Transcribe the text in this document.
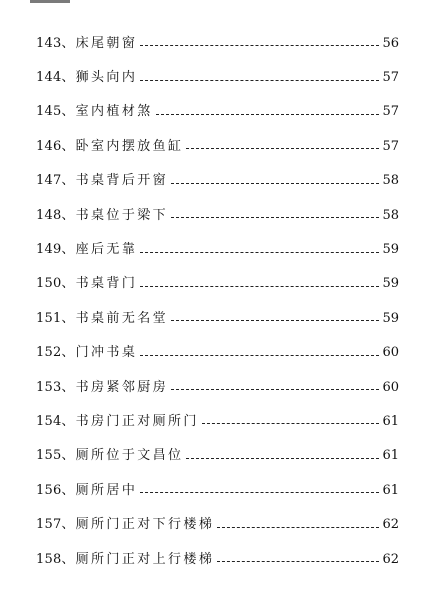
143、 床尾朝窗	56
144、 狮头向内	57
145、 室内植材煞	57
146、 卧室内摆放鱼缸	57
147、 书桌背后开窗	58
148、 书桌位于梁下	58
149、 座后无靠	59
150、 书桌背门	59
151、 书桌前无名堂	59
152、 门冲书桌	60
153、 书房紧邻厨房	60
154、 书房门正对厕所门	61
155、 厕所位于文昌位	61
156、 厕所居中	61
157、 厕所门正对下行楼梯	62
158、 厕所门正对上行楼梯	62
